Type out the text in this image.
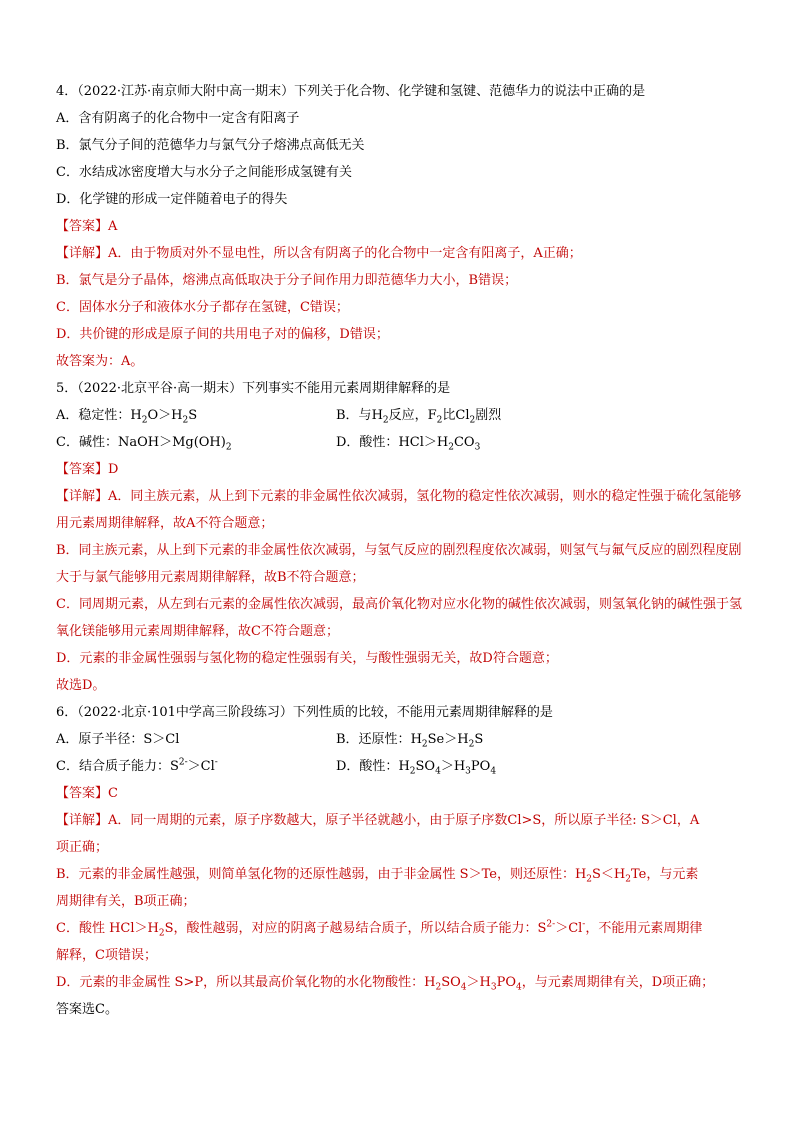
4．（2022·江苏·南京师大附中高一期末）下列关于化合物、化学键和氢键、范德华力的说法中正确的是
A．含有阴离子的化合物中一定含有阳离子
B．氯气分子间的范德华力与氯气分子熔沸点高低无关
C．水结成冰密度增大与水分子之间能形成氢键有关
D．化学键的形成一定伴随着电子的得失
【答案】A
【详解】A．由于物质对外不显电性，所以含有阴离子的化合物中一定含有阳离子，A正确；
B．氯气是分子晶体，熔沸点高低取决于分子间作用力即范德华力大小，B错误；
C．固体水分子和液体水分子都存在氢键，C错误；
D．共价键的形成是原子间的共用电子对的偏移，D错误；
故答案为：A。
5．（2022·北京平谷·高一期末）下列事实不能用元素周期律解释的是
A．稳定性：$H_2O>H_2S$	B．与$H_2$反应，$F_2$比$Cl_2$剧烈
C．碱性：$NaOH>Mg(OH)_2$	D．酸性：$HCl>H_2CO_3$
【答案】D
【详解】A．同主族元素，从上到下元素的非金属性依次减弱，氢化物的稳定性依次减弱，则水的稳定性强于硫化氢能够用元素周期律解释，故A不符合题意；
B．同主族元素，从上到下元素的非金属性依次减弱，与氢气反应的剧烈程度依次减弱，则氢气与氟气反应的剧烈程度剧大于与氯气能够用元素周期律解释，故B不符合题意；
C．同周期元素，从左到右元素的金属性依次减弱，最高价氧化物对应水化物的碱性依次减弱，则氢氧化钠的碱性强于氢氧化镁能够用元素周期律解释，故C不符合题意；
D．元素的非金属性强弱与氢化物的稳定性强弱有关，与酸性强弱无关，故D符合题意；
故选D。
6．（2022·北京·101中学高三阶段练习）下列性质的比较，不能用元素周期律解释的是
A．原子半径：S＞Cl	B．还原性：$H_2Se>H_2S$
C．结合质子能力：$S^{2-}>Cl^-$	D．酸性：$H_2SO_4>H_3PO_4$
【答案】C
【详解】A．同一周期的元素，原子序数越大，原子半径就越小，由于原子序数Cl>S，所以原子半径: S＞Cl，A
项正确；
B．元素的非金属性越强，则简单氢化物的还原性越弱，由于非金属性 S＞Te，则还原性：$H_2S<H_2Te$，与元素
周期律有关，B项正确；
C．酸性 $HCl>H_2S$，酸性越弱，对应的阴离子越易结合质子，所以结合质子能力：$S^{2-}>Cl^-$，不能用元素周期律
解释，C项错误；
D．元素的非金属性 S>P，所以其最高价氧化物的水化物酸性：$H_2SO_4>H_3PO_4$，与元素周期律有关，D项正确；
答案选C。
